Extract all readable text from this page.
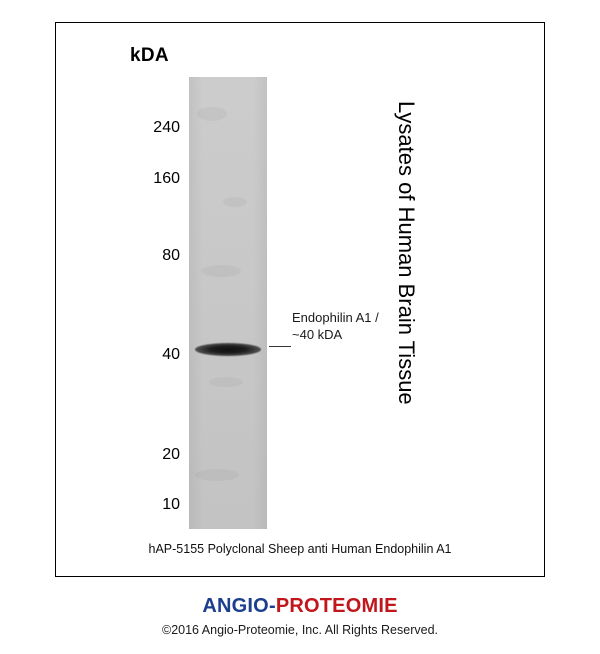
kDA
240
160
80
40
20
10
Endophilin A1 /
~40 kDA Lysates of Human Brain Tissue
hAP-5155 Polyclonal Sheep anti Human Endophilin A1
ANGIO-PROTEOMIE
©2016 Angio-Proteomie, Inc. All Rights Reserved.
